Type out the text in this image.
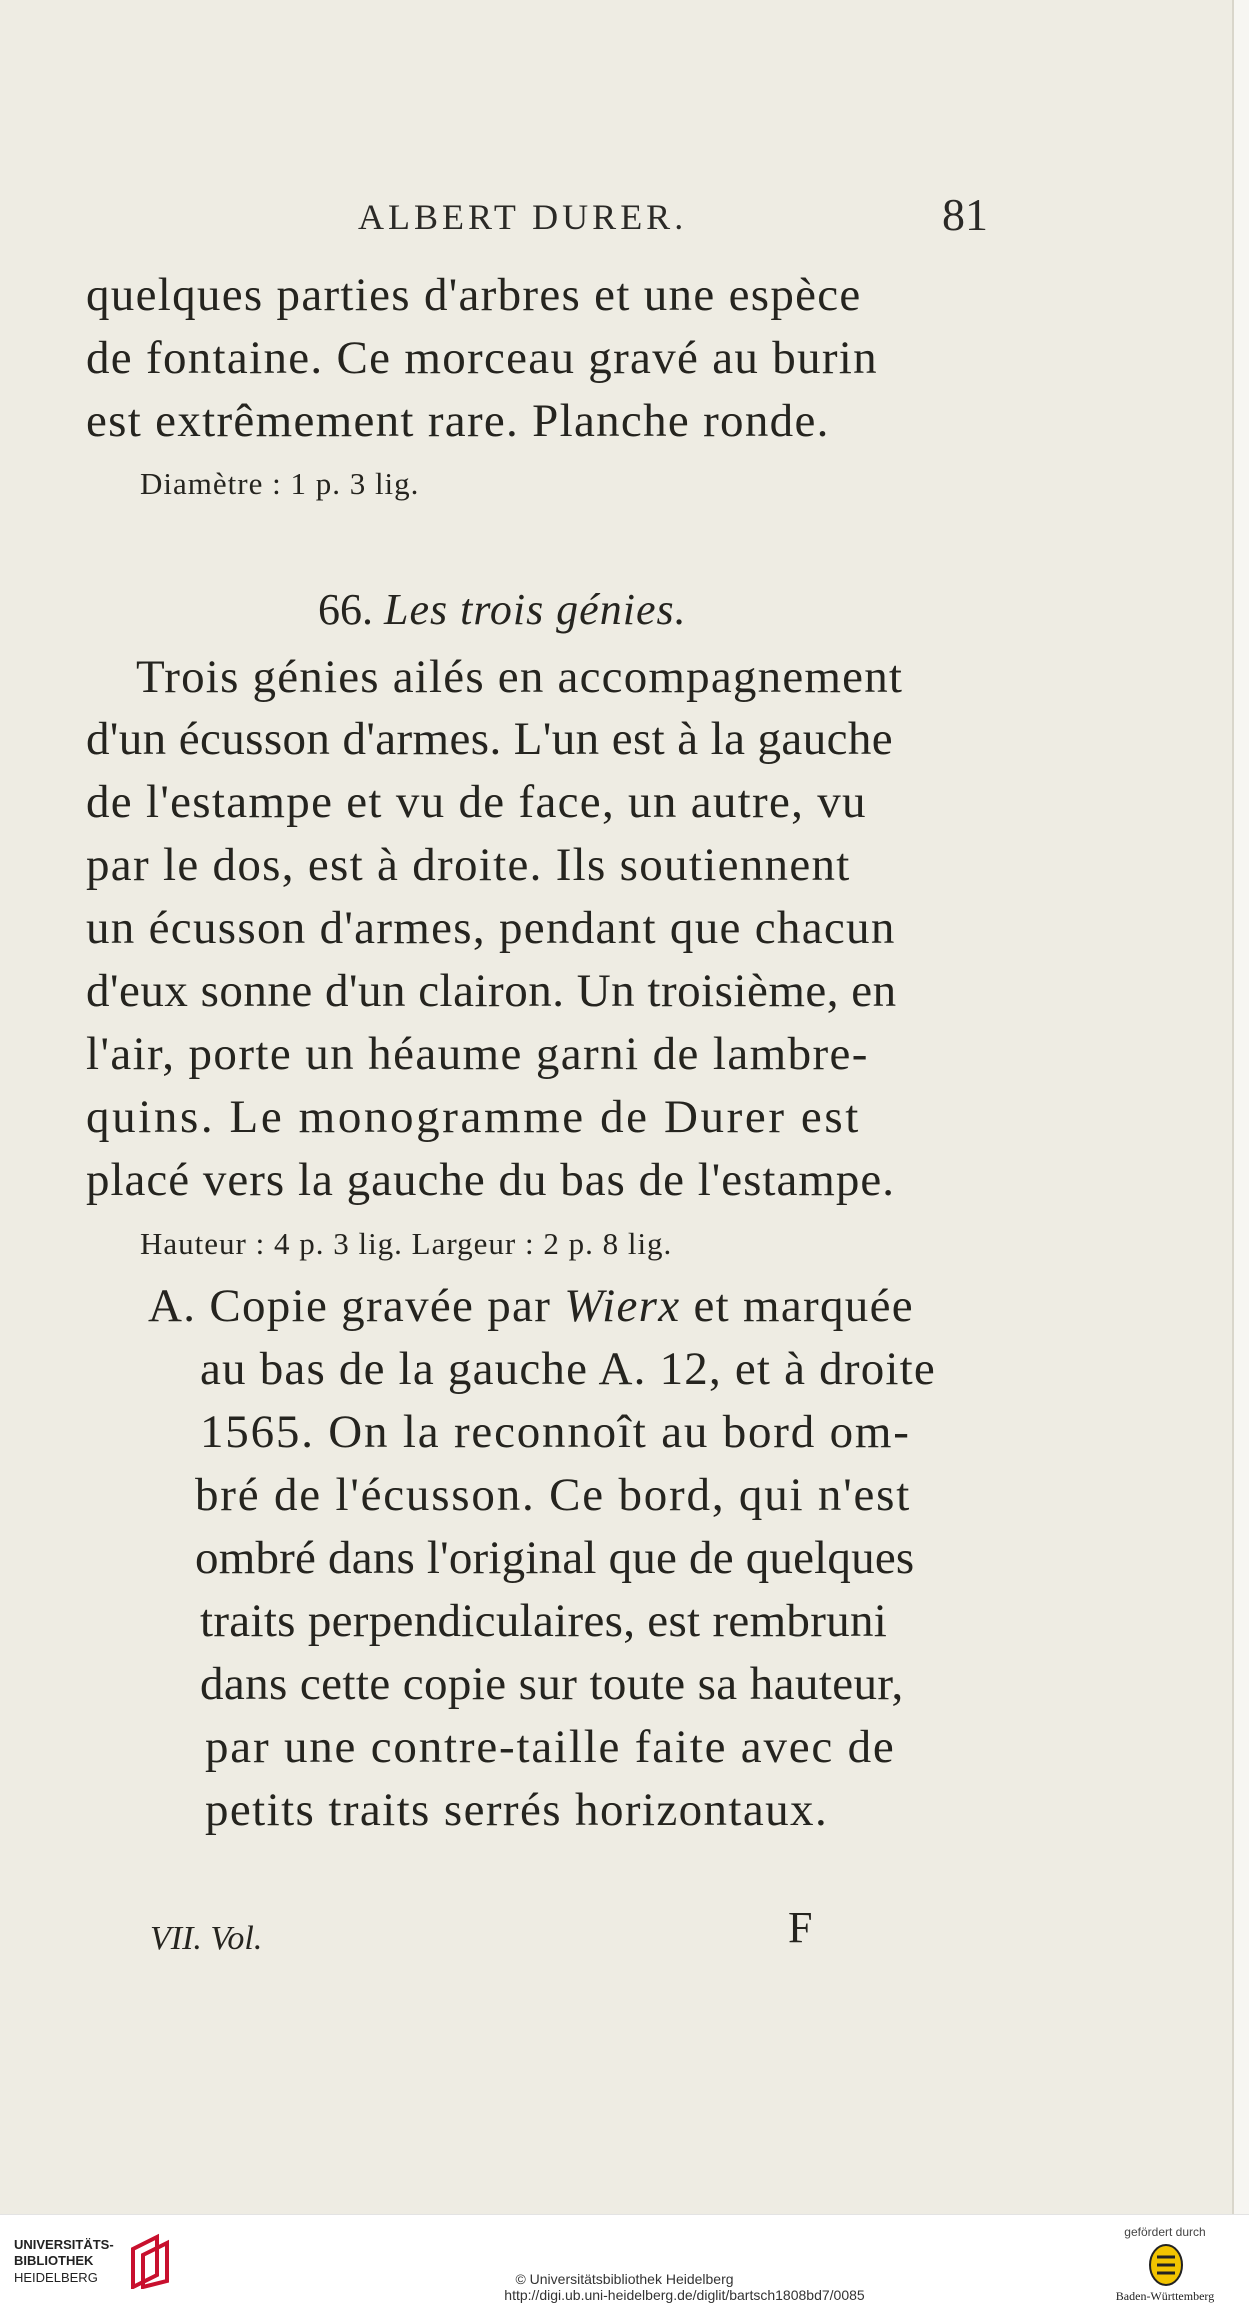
ALBERT DURER.	81
quelques parties d'arbres et une espèce
de fontaine. Ce morceau gravé au burin
est extrêmement rare. Planche ronde.
Diamètre : 1 p. 3 lig.
66. Les trois génies.
Trois génies ailés en accompagnement
d'un écusson d'armes. L'un est à la gauche
de l'estampe et vu de face, un autre, vu
par le dos, est à droite. Ils soutiennent
un écusson d'armes, pendant que chacun
d'eux sonne d'un clairon. Un troisième, en
l'air, porte un héaume garni de lambre-
quins. Le monogramme de Durer est
placé vers la gauche du bas de l'estampe.
Hauteur : 4 p. 3 lig. Largeur : 2 p. 8 lig.
A. Copie gravée par Wierx et marquée
au bas de la gauche A. 12, et à droite
1565. On la reconnoît au bord om-
bré de l'écusson. Ce bord, qui n'est
ombré dans l'original que de quelques
traits perpendiculaires, est rembruni
dans cette copie sur toute sa hauteur,
par une contre-taille faite avec de
petits traits serrés horizontaux.
VII. Vol.	F
UNIVERSITÄTS-
BIBLIOTHEK
HEIDELBERG	© Universitätsbibliothek Heidelberg
http://digi.ub.uni-heidelberg.de/diglit/bartsch1808bd7/0085
gefördert durch
Baden-Württemberg
